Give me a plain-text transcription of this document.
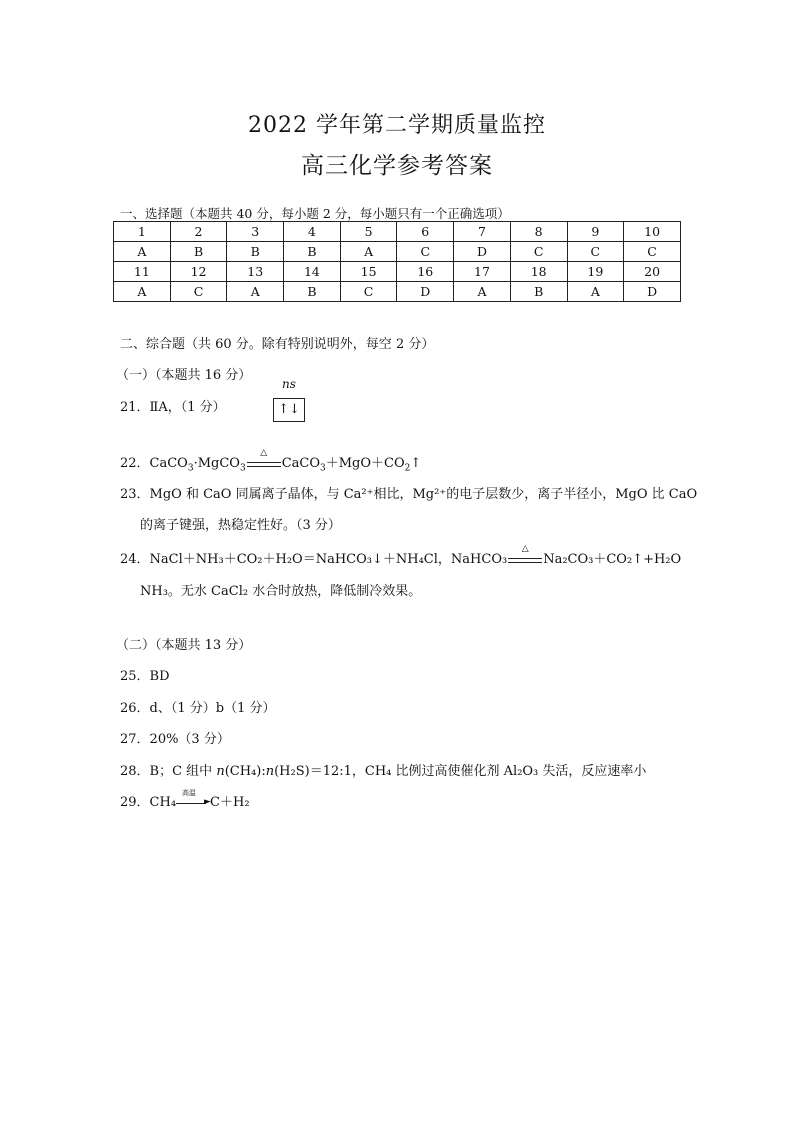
2022 学年第二学期质量监控
高三化学参考答案
一、选择题（本题共 40 分，每小题 2 分，每小题只有一个正确选项）
1	2	3	4	5	6	7	8	9	10
A	B	B	B	A	C	D	C	C	C
11	12	13	14	15	16	17	18	19	20
A	C	A	B	C	D	A	B	A	D
二、综合题（共 60 分。除有特别说明外，每空 2 分）
（一）（本题共 16 分）
21．ⅡA，（1 分）
ns
↑↓
22．CaCO$_3$·MgCO$_3$
△
$CaCO_3+MgO+CO_2↑$
23．MgO 和 CaO 同属离子晶体，与 Ca²⁺相比，Mg²⁺的电子层数少，离子半径小，MgO 比 CaO
的离子键强，热稳定性好。（3 分）
24．NaCl＋NH₃＋CO₂＋H₂O＝NaHCO₃↓＋NH₄Cl，NaHCO₃
△
Na₂CO₃＋CO₂↑+H₂O
NH₃。无水 CaCl₂ 水合时放热，降低制冷效果。
（二）（本题共 13 分）
25．BD
26．d、（1 分）b（1 分）
27．20%（3 分）
28．B；C 组中 n(CH₄):n(H₂S)＝12:1，CH₄ 比例过高使催化剂 Al₂O₃ 失活，反应速率小
29．CH₄
高温
► C＋H₂
